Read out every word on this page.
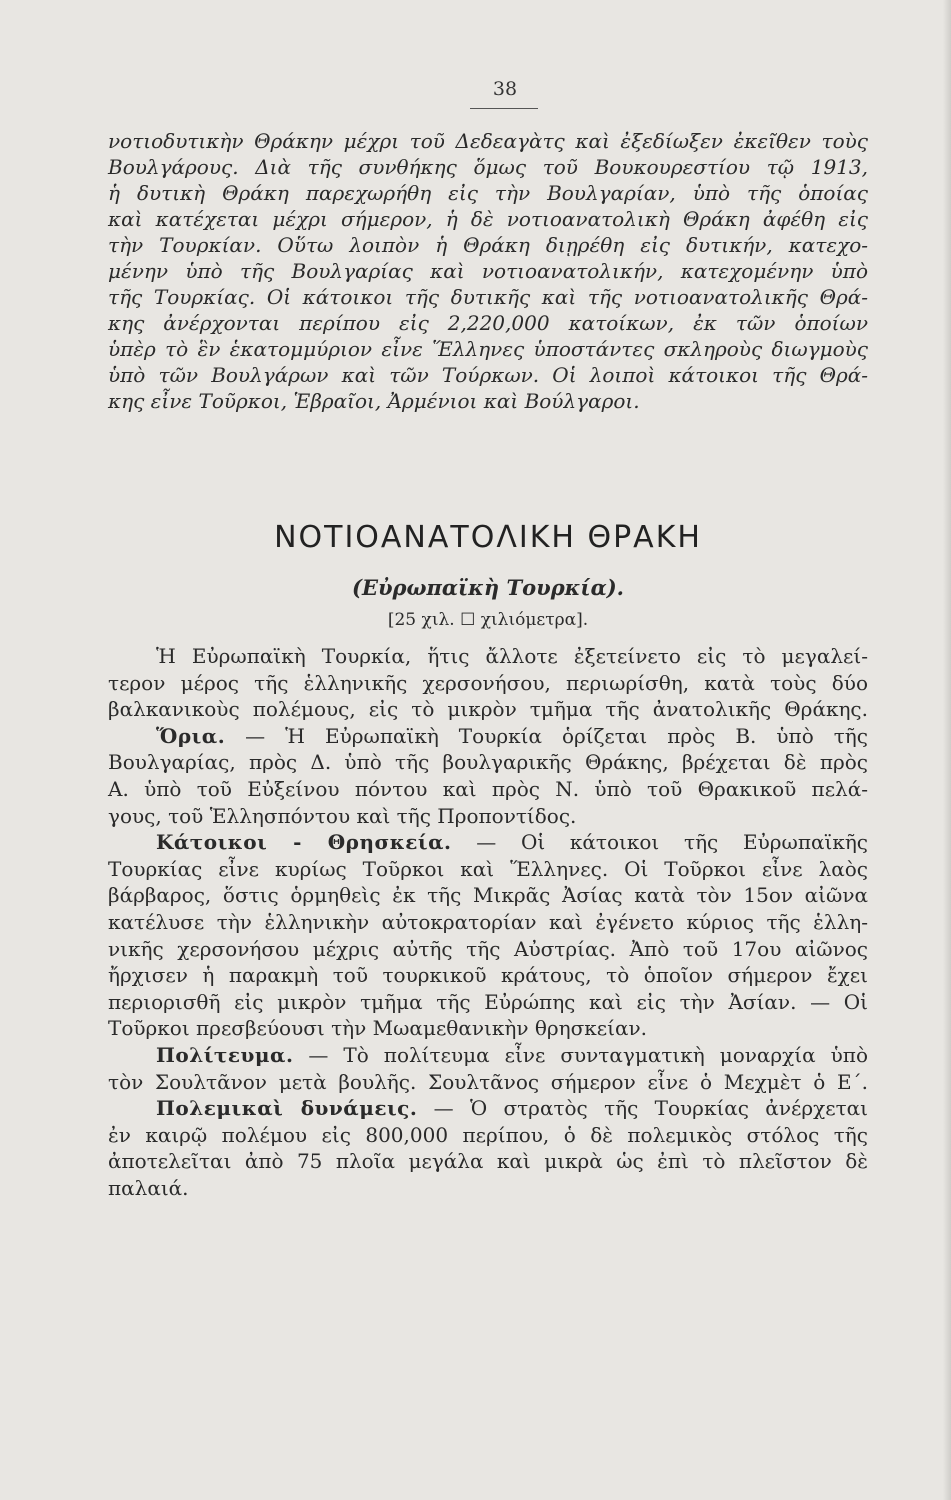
38
νοτιοδυτικὴν Θράκην μέχρι τοῦ Δεδεαγὰτς καὶ ἐξεδίωξεν ἐκεῖθεν τοὺς
Βουλγάρους. Διὰ τῆς συνθήκης ὅμως τοῦ Βουκουρεστίου τῷ 1913,
ἡ δυτικὴ Θράκη παρεχωρήθη εἰς τὴν Βουλγαρίαν, ὑπὸ τῆς ὁποίας
καὶ κατέχεται μέχρι σήμερον, ἡ δὲ νοτιοανατολικὴ Θράκη ἀφέθη εἰς
τὴν Τουρκίαν. Οὕτω λοιπὸν ἡ Θράκη διῃρέθη εἰς δυτικήν, κατεχο-
μένην ὑπὸ τῆς Βουλγαρίας καὶ νοτιοανατολικήν, κατεχομένην ὑπὸ
τῆς Τουρκίας. Οἱ κάτοικοι τῆς δυτικῆς καὶ τῆς νοτιοανατολικῆς Θρά-
κης ἀνέρχονται περίπου εἰς 2,220,000 κατοίκων, ἐκ τῶν ὁποίων
ὑπὲρ τὸ ἓν ἑκατομμύριον εἶνε Ἕλληνες ὑποστάντες σκληροὺς διωγμοὺς
ὑπὸ τῶν Βουλγάρων καὶ τῶν Τούρκων. Οἱ λοιποὶ κάτοικοι τῆς Θρά-
κης εἶνε Τοῦρκοι, Ἑβραῖοι, Ἀρμένιοι καὶ Βούλγαροι.
ΝΟΤΙΟΑΝΑΤΟΛΙΚΗ ΘΡΑΚΗ
(Εὐρωπαϊκὴ Τουρκία).
[25 χιλ. ☐ χιλιόμετρα].
Ἡ Εὐρωπαϊκὴ Τουρκία, ἥτις ἄλλοτε ἐξετείνετο εἰς τὸ μεγαλεί-
τερον μέρος τῆς ἑλληνικῆς χερσονήσου, περιωρίσθη, κατὰ τοὺς δύο
βαλκανικοὺς πολέμους, εἰς τὸ μικρὸν τμῆμα τῆς ἀνατολικῆς Θράκης.
Ὅρια. — Ἡ Εὐρωπαϊκὴ Τουρκία ὁρίζεται πρὸς Β. ὑπὸ τῆς
Βουλγαρίας, πρὸς Δ. ὑπὸ τῆς βουλγαρικῆς Θράκης, βρέχεται δὲ πρὸς
Α. ὑπὸ τοῦ Εὐξείνου πόντου καὶ πρὸς Ν. ὑπὸ τοῦ Θρακικοῦ πελά-
γους, τοῦ Ἑλλησπόντου καὶ τῆς Προποντίδος.
Κάτοικοι - Θρησκεία. — Οἱ κάτοικοι τῆς Εὐρωπαϊκῆς
Τουρκίας εἶνε κυρίως Τοῦρκοι καὶ Ἕλληνες. Οἱ Τοῦρκοι εἶνε λαὸς
βάρβαρος, ὅστις ὁρμηθεὶς ἐκ τῆς Μικρᾶς Ἀσίας κατὰ τὸν 15ον αἰῶνα
κατέλυσε τὴν ἑλληνικὴν αὐτοκρατορίαν καὶ ἐγένετο κύριος τῆς ἑλλη-
νικῆς χερσονήσου μέχρις αὐτῆς τῆς Αὐστρίας. Ἀπὸ τοῦ 17ου αἰῶνος
ἤρχισεν ἡ παρακμὴ τοῦ τουρκικοῦ κράτους, τὸ ὁποῖον σήμερον ἔχει
περιορισθῆ εἰς μικρὸν τμῆμα τῆς Εὐρώπης καὶ εἰς τὴν Ἀσίαν. — Οἱ
Τοῦρκοι πρεσβεύουσι τὴν Μωαμεθανικὴν θρησκείαν.
Πολίτευμα. — Τὸ πολίτευμα εἶνε συνταγματικὴ μοναρχία ὑπὸ
τὸν Σουλτᾶνον μετὰ βουλῆς. Σουλτᾶνος σήμερον εἶνε ὁ Μεχμὲτ ὁ Ε΄.
Πολεμικαὶ δυνάμεις. — Ὁ στρατὸς τῆς Τουρκίας ἀνέρχεται
ἐν καιρῷ πολέμου εἰς 800,000 περίπου, ὁ δὲ πολεμικὸς στόλος τῆς
ἀποτελεῖται ἀπὸ 75 πλοῖα μεγάλα καὶ μικρὰ ὡς ἐπὶ τὸ πλεῖστον δὲ
παλαιά.
